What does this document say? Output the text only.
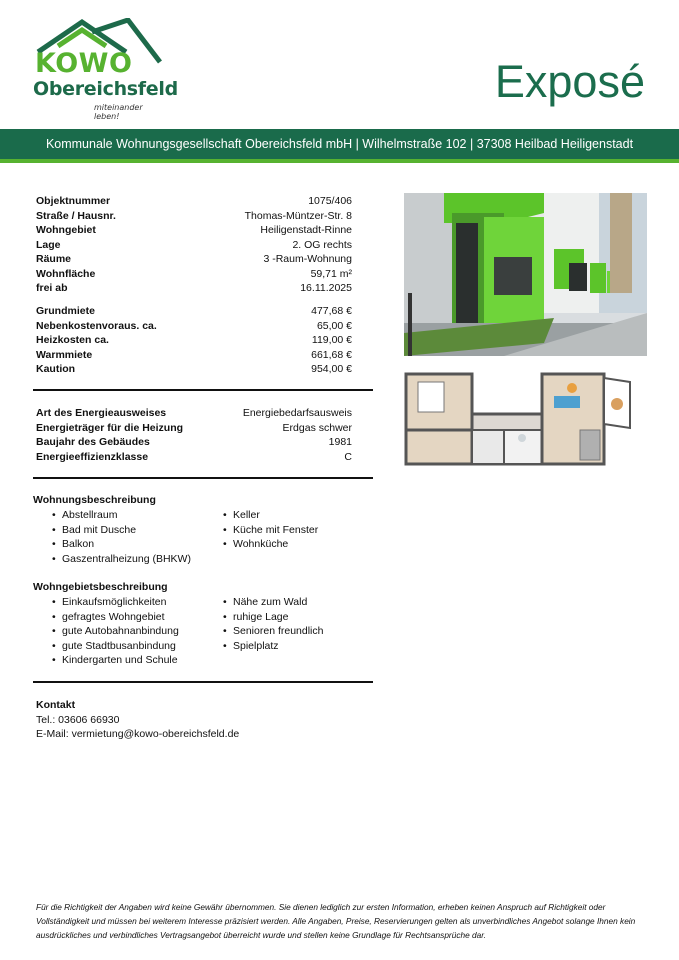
KOWO
Obereichsfeld
miteinander leben!
Exposé
Kommunale Wohnungsgesellschaft Obereichsfeld mbH | Wilhelmstraße 102 | 37308 Heilbad Heiligenstadt
Objektnummer	1075/406
Straße / Hausnr.	Thomas-Müntzer-Str. 8
Wohngebiet	Heiligenstadt-Rinne
Lage	2. OG rechts
Räume	3 -Raum-Wohnung
Wohnfläche	59,71 m²
frei ab	16.11.2025
Grundmiete	477,68 €
Nebenkostenvoraus. ca.	65,00 €
Heizkosten ca.	119,00 €
Warmmiete	661,68 €
Kaution	954,00 €
Art des Energieausweises	Energiebedarfsausweis
Energieträger für die Heizung	Erdgas schwer
Baujahr des Gebäudes	1981
Energieeffizienzklasse	C
Wohnungsbeschreibung
• Abstellraum
• Bad mit Dusche
• Balkon
• Gaszentralheizung (BHKW)
• Keller
• Küche mit Fenster
• Wohnküche
Wohngebietsbeschreibung
• Einkaufsmöglichkeiten
• gefragtes Wohngebiet
• gute Autobahnanbindung
• gute Stadtbusanbindung
• Kindergarten und Schule
• Nähe zum Wald
• ruhige Lage
• Senioren freundlich
• Spielplatz
Kontakt
Tel.: 03606 66930
E-Mail: vermietung@kowo-obereichsfeld.de
Für die Richtigkeit der Angaben wird keine Gewähr übernommen. Sie dienen lediglich zur ersten Information, erheben keinen Anspruch auf Richtigkeit oder Vollständigkeit und müssen bei weiterem Interesse präzisiert werden. Alle Angaben, Preise, Reservierungen gelten als unverbindliches Angebot solange Ihnen kein ausdrückliches und verbindliches Vertragsangebot überreicht wurde und stellen keine Grundlage für Rechtsansprüche dar.
